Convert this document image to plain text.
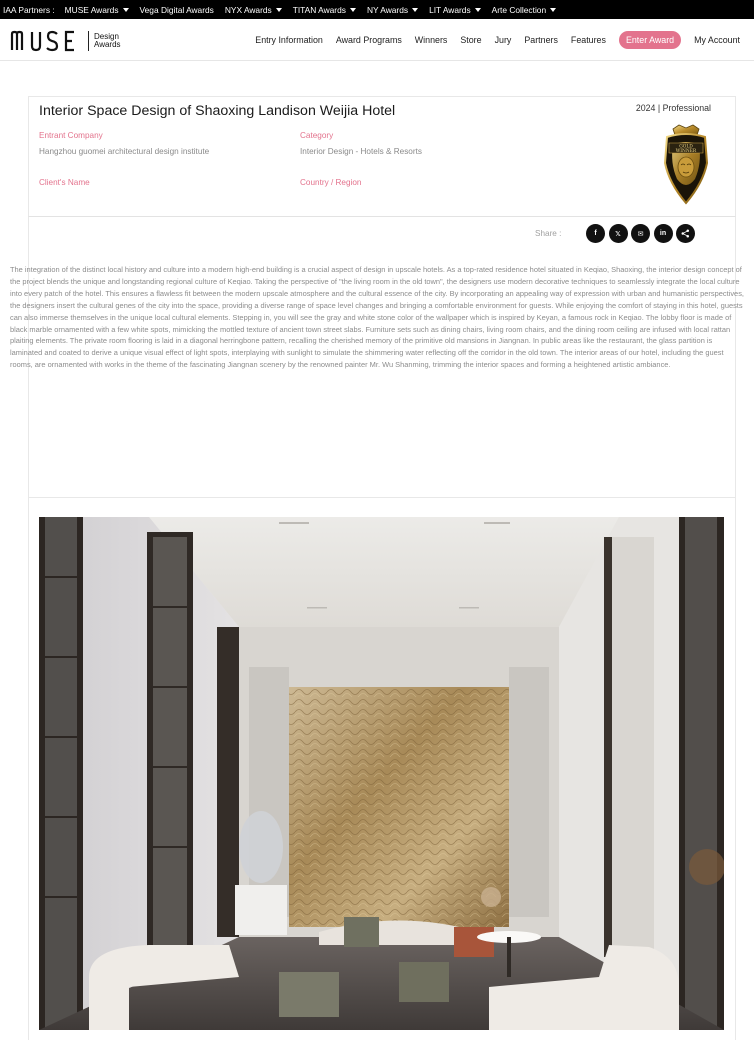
IAA Partners : MUSE Awards	Vega Digital Awards NYX Awards	TITAN Awards	NY Awards	LIT Awards	Arte Collection
Design
Awards	Entry Information Award Programs Winners Store Jury Partners Features	Enter Award	My Account
Interior Space Design of Shaoxing Landison Weijia Hotel	2024 | Professional
Entrant Company
Hangzhou guomei architectural design institute
Category
Interior Design - Hotels & Resorts
Client's Name	Country / Region
GOLD
WINNER
Share :	f	𝕏 ✉ in

The integration of the distinct local history and culture into a modern high-end building is a crucial aspect of design in upscale hotels. As a top-rated residence hotel situated in Keqiao, Shaoxing, the interior design concept of the project blends the unique and longstanding regional culture of Keqiao. Taking the perspective of "the living room in the old town", the designers use modern decorative techniques to seamlessly integrate the local culture into every patch of the hotel. This ensures a flawless fit between the modern upscale atmosphere and the cultural essence of the city. By incorporating an appealing way of expression with urban and humanistic perspectives, the designers insert the cultural genes of the city into the space, providing a diverse range of space level changes and bringing a comfortable environment for guests. While enjoying the comfort of staying in this hotel, guests can also immerse themselves in the unique local cultural elements. Stepping in, you will see the gray and white stone color of the wallpaper which is inspired by Keyan, a famous rock in Keqiao. The lobby floor is made of black marble ornamented with a few white spots, mimicking the mottled texture of ancient town street slabs. Furniture sets such as dining chairs, living room chairs, and the dining room ceiling are infused with local rattan plaiting elements. The private room flooring is laid in a diagonal herringbone pattern, recalling the cherished memory of the primitive old mansions in Jiangnan. In public areas like the restaurant, the glass partition is laminated and coated to derive a unique visual effect of light spots, interplaying with sunlight to simulate the shimmering water reflecting off the corridor in the old town. The interior areas of our hotel, including the guest rooms, are ornamented with works in the theme of the fascinating Jiangnan scenery by the renowned painter Mr. Wu Shanming, trimming the interior spaces and forming a heightened artistic ambiance.
